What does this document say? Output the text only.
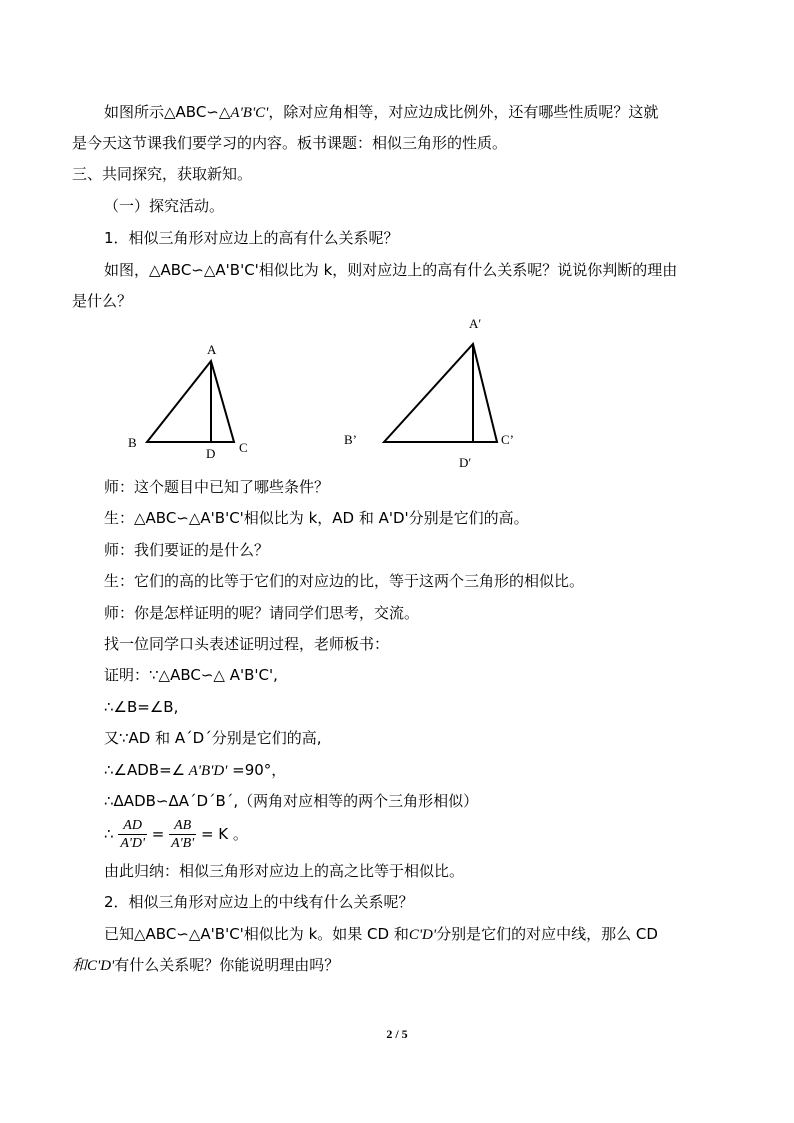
如图所示△ABC∽△A'B'C'，除对应角相等，对应边成比例外，还有哪些性质呢？这就
是今天这节课我们要学习的内容。板书课题：相似三角形的性质。
三、共同探究，获取新知。
（一）探究活动。
1．相似三角形对应边上的高有什么关系呢？
如图，△ABC∽△A'B'C'相似比为 k，则对应边上的高有什么关系呢？说说你判断的理由
是什么？
A
B	C
D
A′
B’	C’
D′
师：这个题目中已知了哪些条件？
生：△ABC∽△A'B'C'相似比为 k，AD 和 A'D'分别是它们的高。
师：我们要证的是什么？
生：它们的高的比等于它们的对应边的比，等于这两个三角形的相似比。
师：你是怎样证明的呢？请同学们思考，交流。
找一位同学口头表述证明过程，老师板书：
证明：∵△ABC∽△ A'B'C',
∴∠B=∠B,
又∵AD 和 A´D´分别是它们的高,
∴∠ADB=∠ A'B'D' =90°，
∴ΔADB∽ΔA´D´B´,（两角对应相等的两个三角形相似）
∴ $\frac{AD}{A'D'} = \frac{AB}{A'B'} = K$ 。
由此归纳：相似三角形对应边上的高之比等于相似比。
2．相似三角形对应边上的中线有什么关系呢？
已知△ABC∽△A'B'C'相似比为 k。如果 CD 和C'D'分别是它们的对应中线，那么 CD
和C'D'有什么关系呢？你能说明理由吗？
2 / 5
